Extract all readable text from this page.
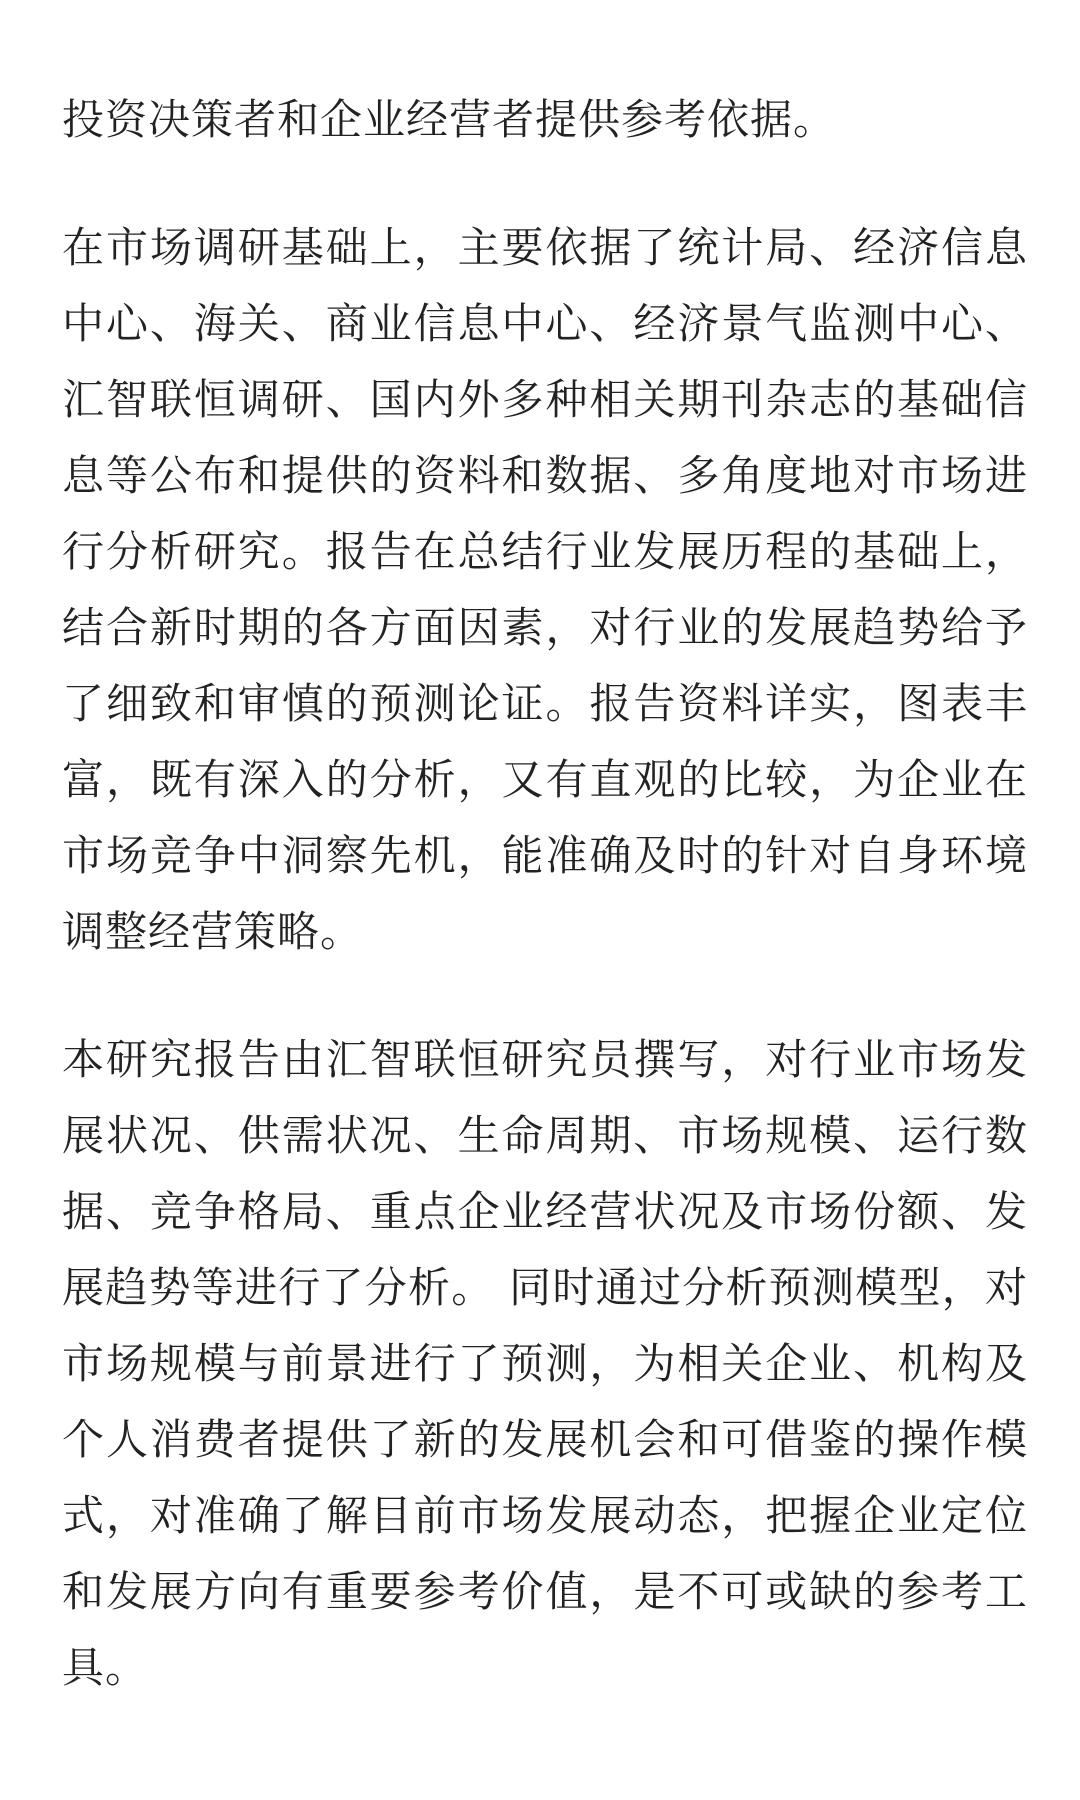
投资决策者和企业经营者提供参考依据。

在市场调研基础上，主要依据了统计局、经济信息中心、海关、商业信息中心、经济景气监测中心、汇智联恒调研、国内外多种相关期刊杂志的基础信息等公布和提供的资料和数据、多角度地对市场进行分析研究。报告在总结行业发展历程的基础上，结合新时期的各方面因素，对行业的发展趋势给予了细致和审慎的预测论证。报告资料详实，图表丰富，既有深入的分析，又有直观的比较，为企业在市场竞争中洞察先机，能准确及时的针对自身环境调整经营策略。

本研究报告由汇智联恒研究员撰写，对行业市场发展状况、供需状况、生命周期、市场规模、运行数据、竞争格局、重点企业经营状况及市场份额、发展趋势等进行了分析。 同时通过分析预测模型，对市场规模与前景进行了预测，为相关企业、机构及个人消费者提供了新的发展机会和可借鉴的操作模式，对准确了解目前市场发展动态，把握企业定位和发展方向有重要参考价值，是不可或缺的参考工具。
